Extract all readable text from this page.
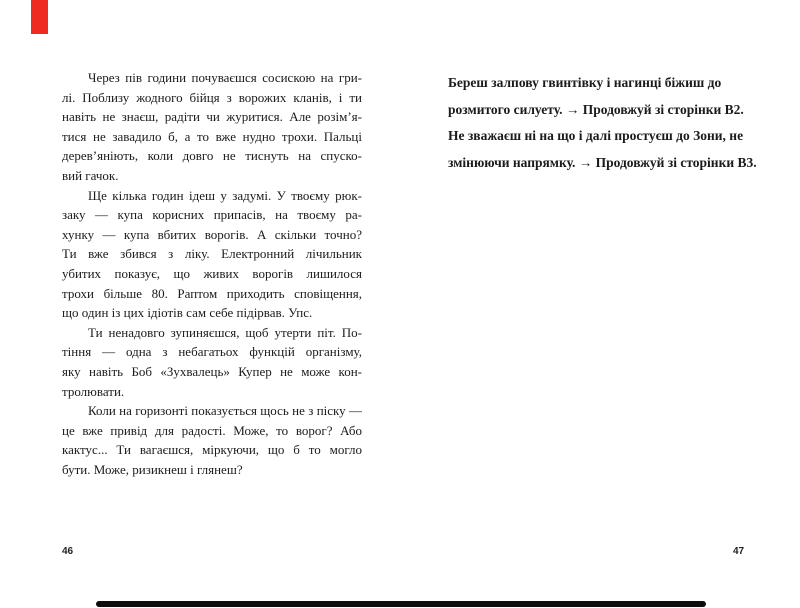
Через пів години почуваєшся сосискою на гри-
лі. Поблизу жодного бійця з ворожих кланів, і ти
навіть не знаєш, радіти чи журитися. Але розім’я-
тися не завадило б, а то вже нудно трохи. Пальці
дерев’яніють, коли довго не тиснуть на спуско-
вий гачок.
Ще кілька годин ідеш у задумі. У твоєму рюк-
заку — купа корисних припасів, на твоєму ра-
хунку — купа вбитих ворогів. А скільки точно?
Ти вже збився з ліку. Електронний лічильник
убитих показує, що живих ворогів лишилося
трохи більше 80. Раптом приходить сповіщення,
що один із цих ідіотів сам себе підірвав. Упс.
Ти ненадовго зупиняєшся, щоб утерти піт. По-
тіння — одна з небагатьох функцій організму,
яку навіть Боб «Зухвалець» Купер не може кон-
тролювати.
Коли на горизонті показується щось не з піску —
це вже привід для радості. Може, то ворог? Або
кактус... Ти вагаєшся, міркуючи, що б то могло
бути. Може, ризикнеш і глянеш?
Береш залпову гвинтівку і нагинці біжиш до
розмитого силуету. → Продовжуй зі сторінки В2.
Не зважаєш ні на що і далі простуєш до Зони, не
змінюючи напрямку. → Продовжуй зі сторінки В3.
46	47
